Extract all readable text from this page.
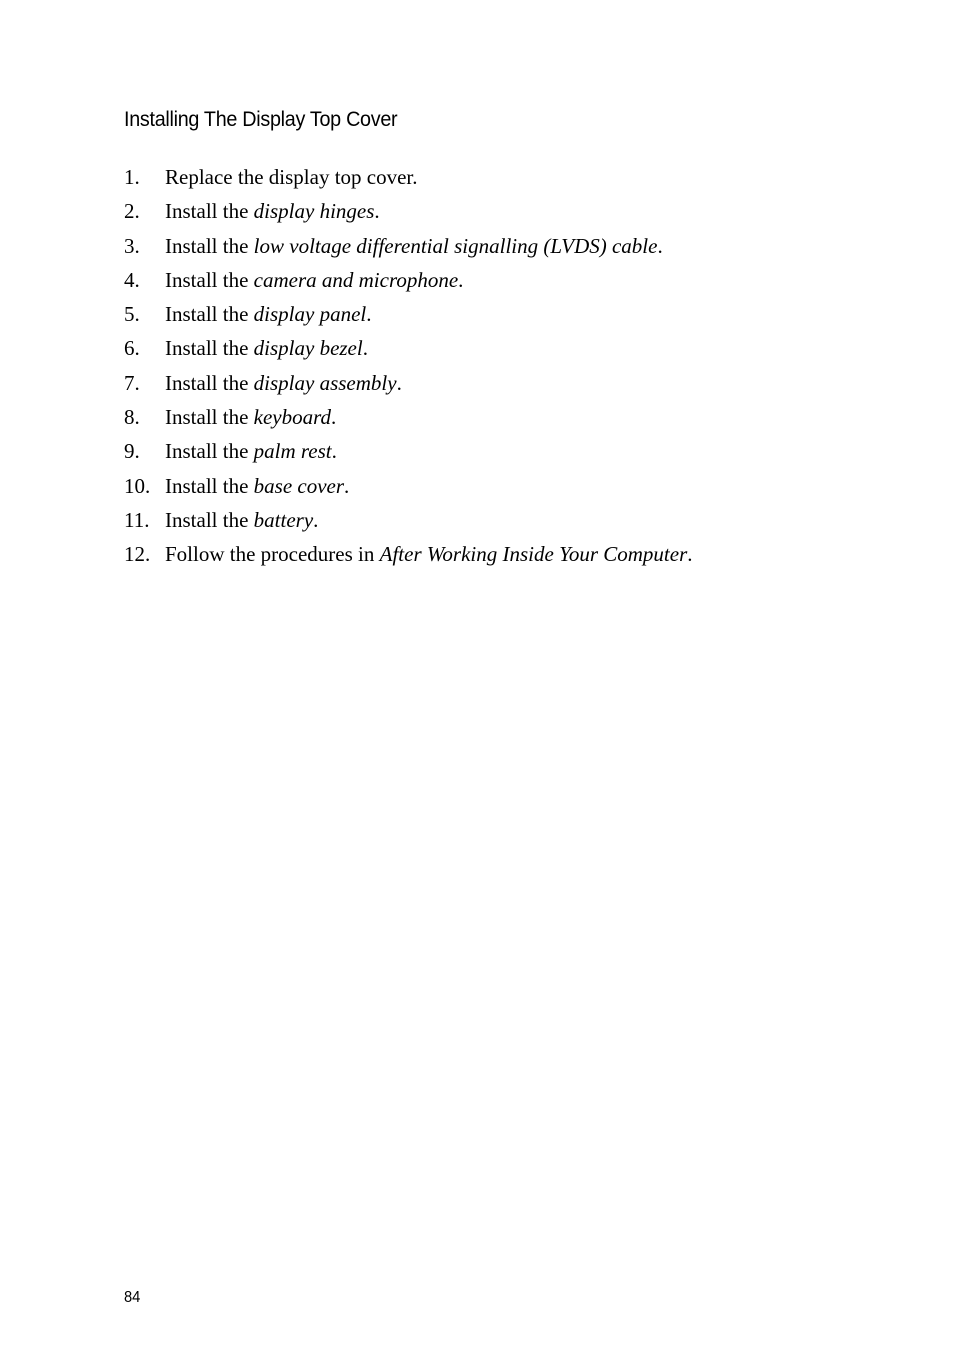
Installing The Display Top Cover
1. Replace the display top cover.
2. Install the display hinges.
3. Install the low voltage differential signalling (LVDS) cable.
4. Install the camera and microphone.
5. Install the display panel.
6. Install the display bezel.
7. Install the display assembly.
8. Install the keyboard.
9. Install the palm rest.
10. Install the base cover.
11. Install the battery.
12. Follow the procedures in After Working Inside Your Computer.
84
